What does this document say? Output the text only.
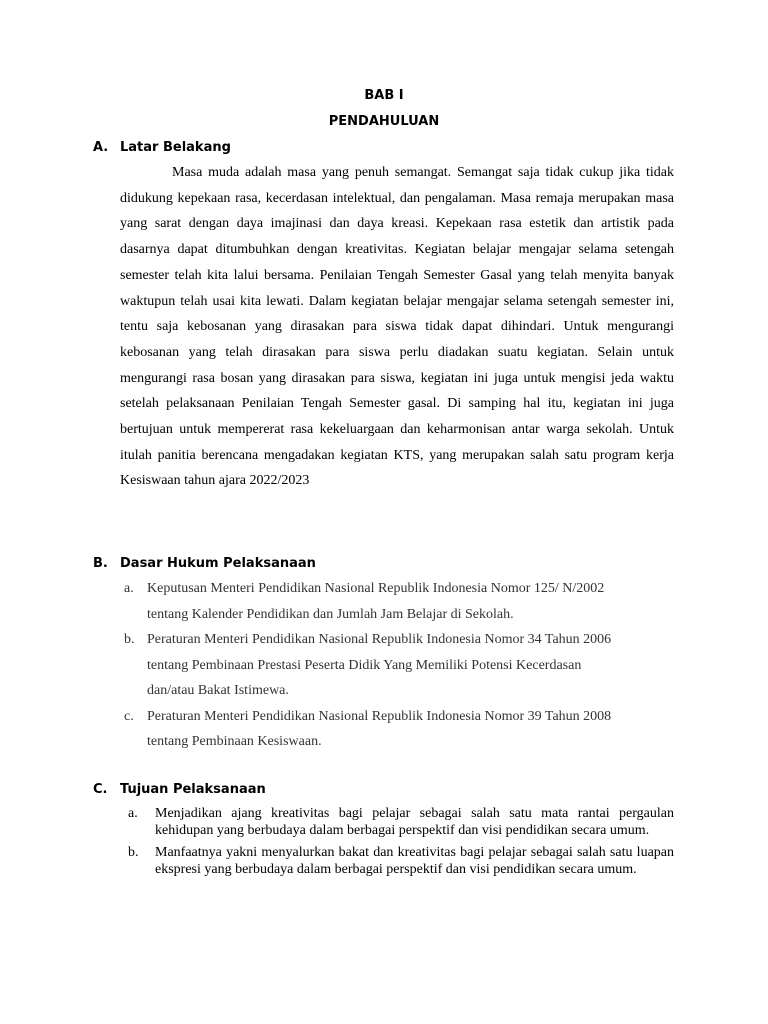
BAB I
PENDAHULUAN
A. Latar Belakang

Masa muda adalah masa yang penuh semangat. Semangat saja tidak cukup jika tidak didukung kepekaan rasa, kecerdasan intelektual, dan pengalaman. Masa remaja merupakan masa yang sarat dengan daya imajinasi dan daya kreasi. Kepekaan rasa estetik dan artistik pada dasarnya dapat ditumbuhkan dengan kreativitas. Kegiatan belajar mengajar selama setengah semester telah kita lalui bersama. Penilaian Tengah Semester Gasal yang telah menyita banyak waktupun telah usai kita lewati. Dalam kegiatan belajar mengajar selama setengah semester ini, tentu saja kebosanan yang dirasakan para siswa tidak dapat dihindari. Untuk mengurangi kebosanan yang telah dirasakan para siswa perlu diadakan suatu kegiatan. Selain untuk mengurangi rasa bosan yang dirasakan para siswa, kegiatan ini juga untuk mengisi jeda waktu setelah pelaksanaan Penilaian Tengah Semester gasal. Di samping hal itu, kegiatan ini juga bertujuan untuk mempererat rasa kekeluargaan dan keharmonisan antar warga sekolah. Untuk itulah panitia berencana mengadakan kegiatan KTS, yang merupakan salah satu program kerja Kesiswaan tahun ajara 2022/2023

B. Dasar Hukum Pelaksanaan
a. Keputusan Menteri Pendidikan Nasional Republik Indonesia Nomor 125/ N/2002
tentang Kalender Pendidikan dan Jumlah Jam Belajar di Sekolah.
b. Peraturan Menteri Pendidikan Nasional Republik Indonesia Nomor 34 Tahun 2006
tentang Pembinaan Prestasi Peserta Didik Yang Memiliki Potensi Kecerdasan
dan/atau Bakat Istimewa.
c. Peraturan Menteri Pendidikan Nasional Republik Indonesia Nomor 39 Tahun 2008
tentang Pembinaan Kesiswaan.
C. Tujuan Pelaksanaan
a. Menjadikan ajang kreativitas bagi pelajar sebagai salah satu mata rantai pergaulan kehidupan yang berbudaya dalam berbagai perspektif dan visi pendidikan secara umum.
b. Manfaatnya yakni menyalurkan bakat dan kreativitas bagi pelajar sebagai salah satu luapan ekspresi yang berbudaya dalam berbagai perspektif dan visi pendidikan secara umum.
